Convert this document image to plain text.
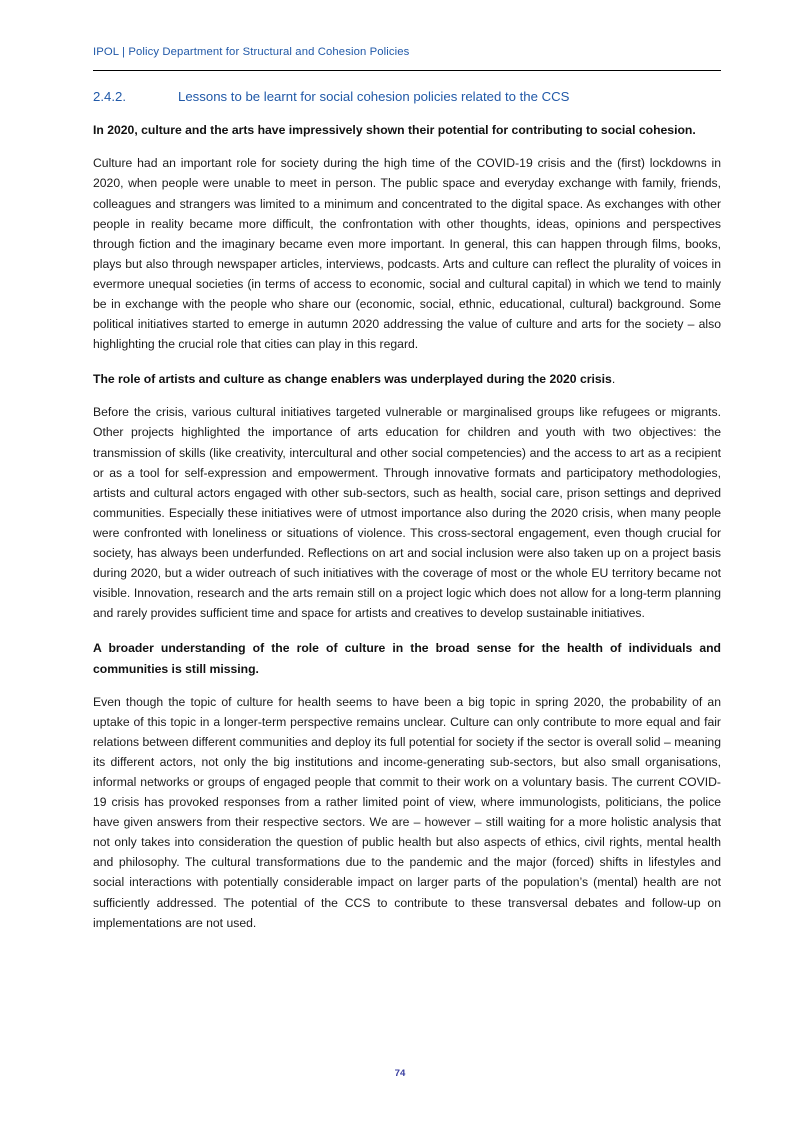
IPOL | Policy Department for Structural and Cohesion Policies
2.4.2.	Lessons to be learnt for social cohesion policies related to the CCS

In 2020, culture and the arts have impressively shown their potential for contributing to social cohesion.

Culture had an important role for society during the high time of the COVID-19 crisis and the (first) lockdowns in 2020, when people were unable to meet in person. The public space and everyday exchange with family, friends, colleagues and strangers was limited to a minimum and concentrated to the digital space. As exchanges with other people in reality became more difficult, the confrontation with other thoughts, ideas, opinions and perspectives through fiction and the imaginary became even more important. In general, this can happen through films, books, plays but also through newspaper articles, interviews, podcasts. Arts and culture can reflect the plurality of voices in evermore unequal societies (in terms of access to economic, social and cultural capital) in which we tend to mainly be in exchange with the people who share our (economic, social, ethnic, educational, cultural) background. Some political initiatives started to emerge in autumn 2020 addressing the value of culture and arts for the society – also highlighting the crucial role that cities can play in this regard.

The role of artists and culture as change enablers was underplayed during the 2020 crisis.

Before the crisis, various cultural initiatives targeted vulnerable or marginalised groups like refugees or migrants. Other projects highlighted the importance of arts education for children and youth with two objectives: the transmission of skills (like creativity, intercultural and other social competencies) and the access to art as a recipient or as a tool for self-expression and empowerment. Through innovative formats and participatory methodologies, artists and cultural actors engaged with other sub-sectors, such as health, social care, prison settings and deprived communities. Especially these initiatives were of utmost importance also during the 2020 crisis, when many people were confronted with loneliness or situations of violence. This cross-sectoral engagement, even though crucial for society, has always been underfunded. Reflections on art and social inclusion were also taken up on a project basis during 2020, but a wider outreach of such initiatives with the coverage of most or the whole EU territory became not visible. Innovation, research and the arts remain still on a project logic which does not allow for a long-term planning and rarely provides sufficient time and space for artists and creatives to develop sustainable initiatives.

A broader understanding of the role of culture in the broad sense for the health of individuals and communities is still missing.

Even though the topic of culture for health seems to have been a big topic in spring 2020, the probability of an uptake of this topic in a longer-term perspective remains unclear. Culture can only contribute to more equal and fair relations between different communities and deploy its full potential for society if the sector is overall solid – meaning its different actors, not only the big institutions and income-generating sub-sectors, but also small organisations, informal networks or groups of engaged people that commit to their work on a voluntary basis. The current COVID-19 crisis has provoked responses from a rather limited point of view, where immunologists, politicians, the police have given answers from their respective sectors. We are – however – still waiting for a more holistic analysis that not only takes into consideration the question of public health but also aspects of ethics, civil rights, mental health and philosophy. The cultural transformations due to the pandemic and the major (forced) shifts in lifestyles and social interactions with potentially considerable impact on larger parts of the population’s (mental) health are not sufficiently addressed. The potential of the CCS to contribute to these transversal debates and follow-up on implementations are not used.

74
